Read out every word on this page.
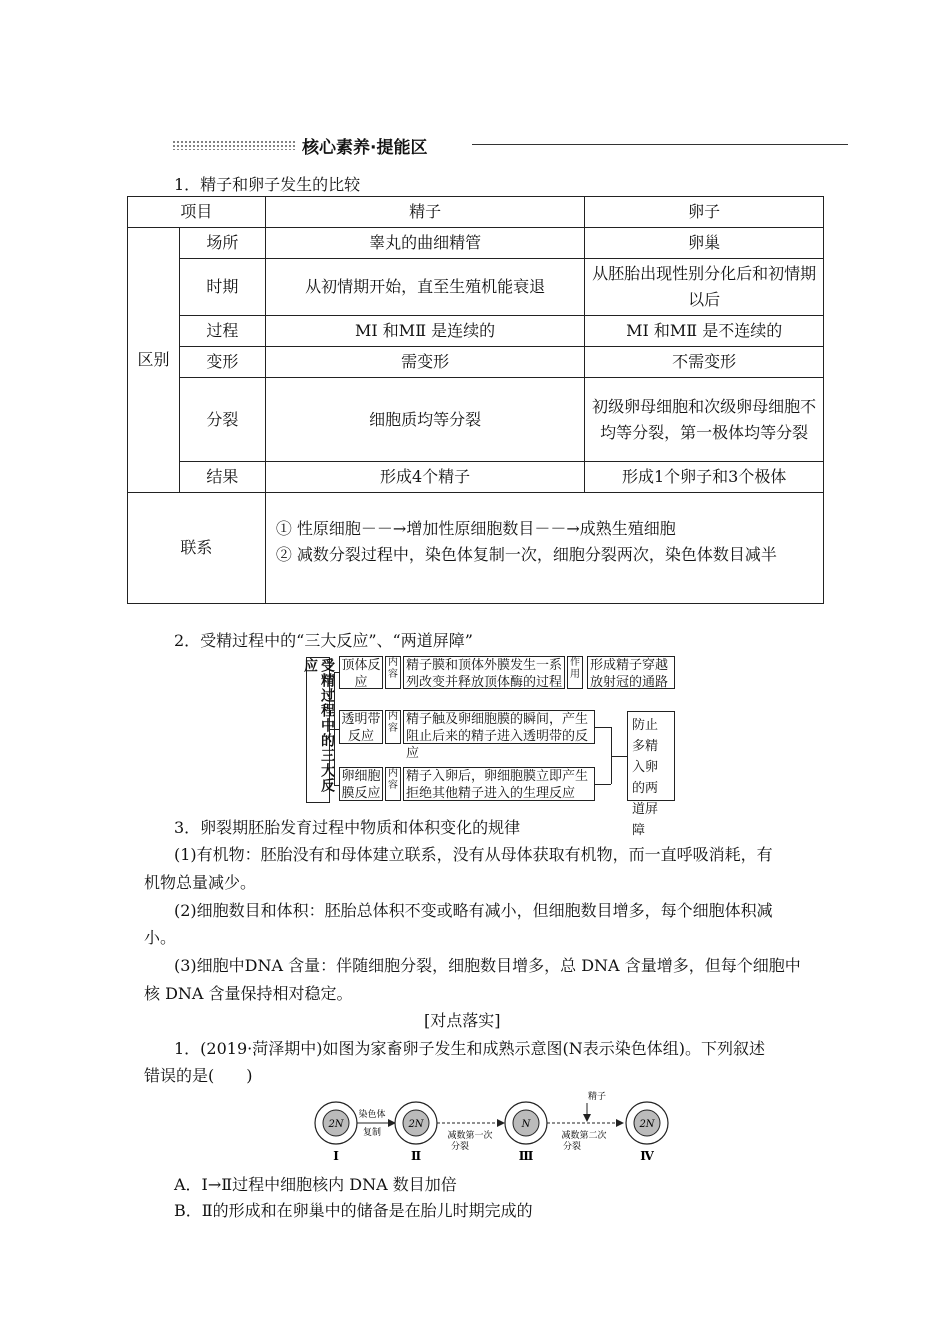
核心素养·提能区

1．精子和卵子发生的比较

项目		精子	卵子
区别	场所	睾丸的曲细精管	卵巢
	时期	从初情期开始，直至生殖机能衰退	从胚胎出现性别分化后和初情期以后
	过程	MⅠ 和MⅡ 是连续的	MⅠ 和MⅡ 是不连续的
	变形	需变形	不需变形
	分裂	细胞质均等分裂	初级卵母细胞和次级卵母细胞不均等分裂，第一极体均等分裂
	结果	形成4个精子	形成1个卵子和3个极体
联系		① 性原细胞－－→增加性原细胞数目－－→成熟生殖细胞
② 减数分裂过程中，染色体复制一次，细胞分裂两次，染色体数目减半	

2．受精过程中的“三大反应”、“两道屏障”

受精过程中的三大反应	顶体反应
内容
精子膜和顶体外膜发生一系列改变并释放顶体酶的过程
作用
形成精子穿越放射冠的通路
透明带反应
内容
精子触及卵细胞膜的瞬间，产生阻止后来的精子进入透明带的反应
卵细胞膜反应
内容
精子入卵后，卵细胞膜立即产生拒绝其他精子进入的生理反应
防止多精入卵的两道屏障

3．卵裂期胚胎发育过程中物质和体积变化的规律

(1)有机物：胚胎没有和母体建立联系，没有从母体获取有机物，而一直呼吸消耗，有

机物总量减少。

(2)细胞数目和体积：胚胎总体积不变或略有减小，但细胞数目增多，每个细胞体积减

小。

(3)细胞中DNA 含量：伴随细胞分裂，细胞数目增多，总 DNA 含量增多，但每个细胞中

核 DNA 含量保持相对稳定。

[对点落实]

1．(2019·菏泽期中)如图为家畜卵子发生和成熟示意图(N表示染色体组)。下列叙述

错误的是(　　)

2N
Ⅰ
染色体
复制
2N
Ⅱ
减数第一次
分裂
N
Ⅲ
减数第二次
分裂
精子
2N
Ⅳ

A．Ⅰ→Ⅱ过程中细胞核内 DNA 数目加倍

B．Ⅱ的形成和在卵巢中的储备是在胎儿时期完成的
